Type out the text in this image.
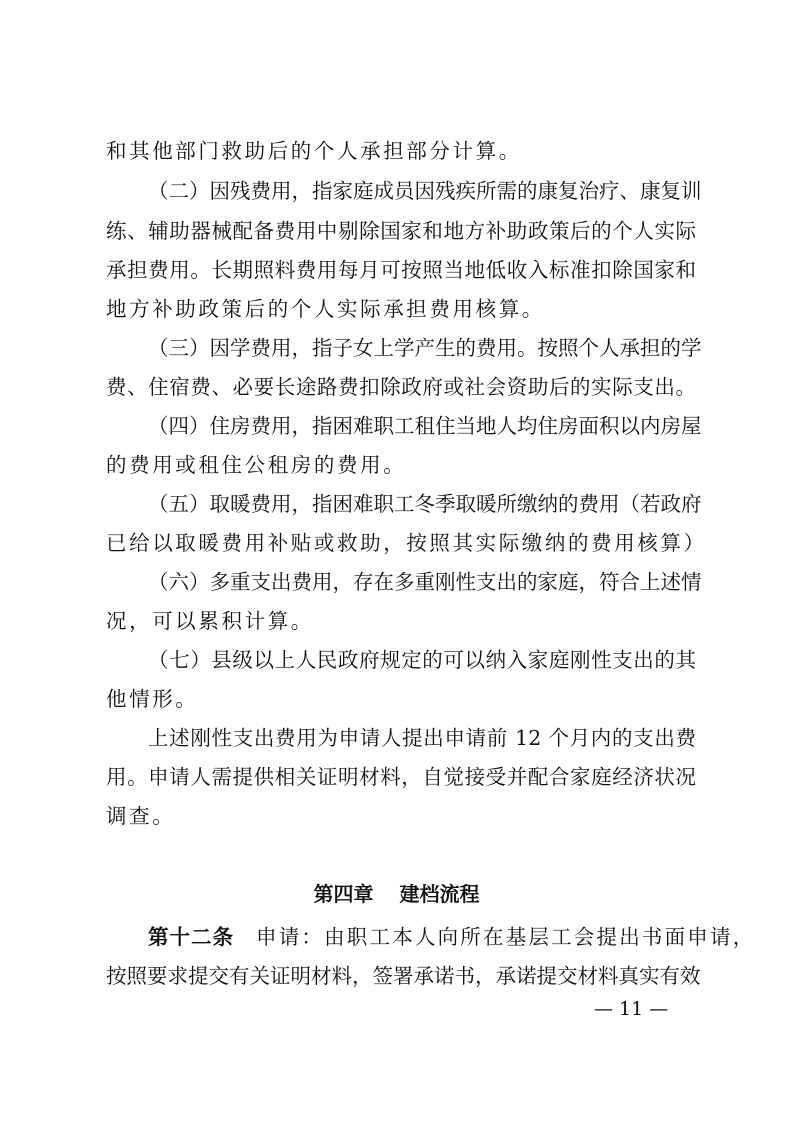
和其他部门救助后的个人承担部分计算。
（二）因残费用，指家庭成员因残疾所需的康复治疗、康复训
练、辅助器械配备费用中剔除国家和地方补助政策后的个人实际
承担费用。长期照料费用每月可按照当地低收入标准扣除国家和
地方补助政策后的个人实际承担费用核算。
（三）因学费用，指子女上学产生的费用。按照个人承担的学
费、住宿费、必要长途路费扣除政府或社会资助后的实际支出。
（四）住房费用，指困难职工租住当地人均住房面积以内房屋
的费用或租住公租房的费用。
（五）取暖费用，指困难职工冬季取暖所缴纳的费用（若政府
已给以取暖费用补贴或救助，按照其实际缴纳的费用核算）
（六）多重支出费用，存在多重刚性支出的家庭，符合上述情
况，可以累积计算。
（七）县级以上人民政府规定的可以纳入家庭刚性支出的其
他情形。
上述刚性支出费用为申请人提出申请前 12 个月内的支出费
用。申请人需提供相关证明材料，自觉接受并配合家庭经济状况
调查。
第四章 建档流程
第十二条 申请：由职工本人向所在基层工会提出书面申请，
按照要求提交有关证明材料，签署承诺书，承诺提交材料真实有效
— 11 —
